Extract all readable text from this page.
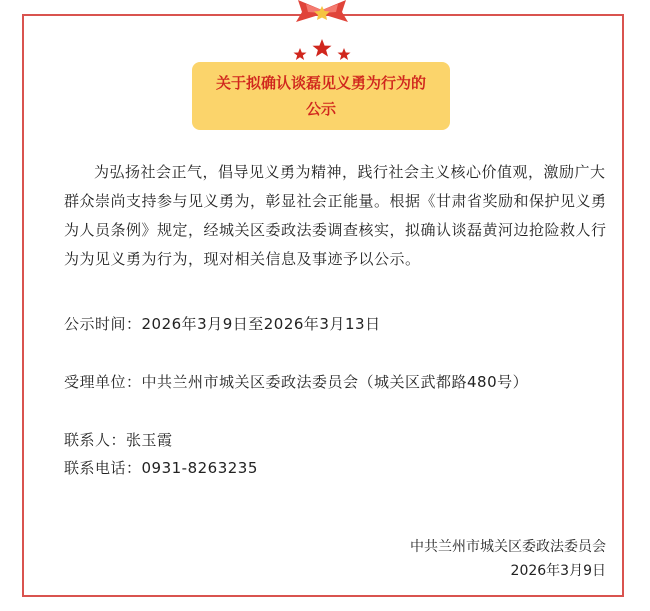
关于拟确认谈磊见义勇为行为的
公示
为弘扬社会正气，倡导见义勇为精神，践行社会主义核心价值观，激励广大群众崇尚支持参与见义勇为，彰显社会正能量。根据《甘肃省奖励和保护见义勇为人员条例》规定，经城关区委政法委调查核实，拟确认谈磊黄河边抢险救人行为为见义勇为行为，现对相关信息及事迹予以公示。
公示时间：2026年3月9日至2026年3月13日
受理单位：中共兰州市城关区委政法委员会（城关区武都路480号）
联系人：张玉霞
联系电话：0931-8263235
中共兰州市城关区委政法委员会
2026年3月9日
